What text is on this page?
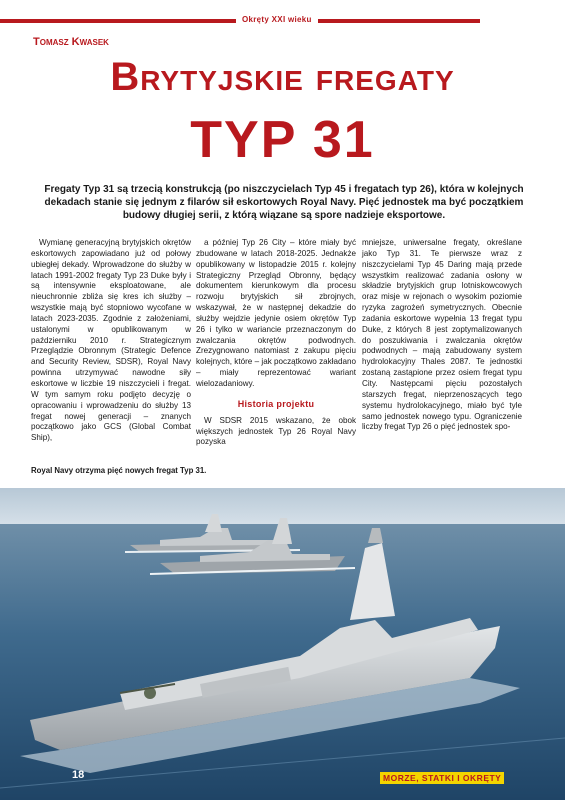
Okręty XXI wieku
Tomasz Kwasek
Brytyjskie fregaty
TYP 31
Fregaty Typ 31 są trzecią konstrukcją (po niszczycielach Typ 45 i fregatach typ 26), która w kolejnych dekadach stanie się jednym z filarów sił eskortowych Royal Navy. Pięć jednostek ma być początkiem budowy długiej serii, z którą wiązane są spore nadzieje eksportowe.

Wymianę generacyjną brytyjskich okrętów eskortowych zapowiadano już od połowy ubiegłej dekady. Wprowadzone do służby w latach 1991-2002 fregaty Typ 23 Duke były i są intensywnie eksploatowane, ale nieuchronnie zbliża się kres ich służby – wszystkie mają być stopniowo wycofane w latach 2023-2035. Zgodnie z założeniami, ustalonymi w opublikowanym w październiku 2010 r. Strategicznym Przeglądzie Obronnym (Strategic Defence and Security Review, SDSR), Royal Navy powinna utrzymywać nawodne siły eskortowe w liczbie 19 niszczycieli i fregat. W tym samym roku podjęto decyzję o opracowaniu i wprowadzeniu do służby 13 fregat nowej generacji – znanych początkowo jako GCS (Global Combat Ship),

a później Typ 26 City – które miały być zbudowane w latach 2018-2025. Jednakże opublikowany w listopadzie 2015 r. kolejny Strategiczny Przegląd Obronny, będący dokumentem kierunkowym dla procesu rozwoju brytyjskich sił zbrojnych, wskazywał, że w następnej dekadzie do służby wejdzie jedynie osiem okrętów Typ 26 i tylko w wariancie przeznaczonym do zwalczania okrętów podwodnych. Zrezygnowano natomiast z zakupu pięciu kolejnych, które – jak początkowo zakładano – miały reprezentować wariant wielozadaniowy.

Historia projektu

W SDSR 2015 wskazano, że obok większych jednostek Typ 26 Royal Navy pozyska

mniejsze, uniwersalne fregaty, określane jako Typ 31. Te pierwsze wraz z niszczycielami Typ 45 Daring mają przede wszystkim realizować zadania osłony w składzie brytyjskich grup lotniskowcowych oraz misje w rejonach o wysokim poziomie ryzyka zagrożeń symetrycznych. Obecnie zadania eskortowe wypełnia 13 fregat typu Duke, z których 8 jest zoptymalizowanych do poszukiwania i zwalczania okrętów podwodnych – mają zabudowany system hydrolokacyjny Thales 2087. Te jednostki zostaną zastąpione przez osiem fregat typu City. Następcami pięciu pozostałych starszych fregat, nieprzenoszących tego systemu hydrolokacyjnego, miało być tyle samo jednostek nowego typu. Ograniczenie liczby fregat Typ 26 o pięć jednostek spo-

Royal Navy otrzyma pięć nowych fregat Typ 31.
18	MORZE, STATKI I OKRĘTY
